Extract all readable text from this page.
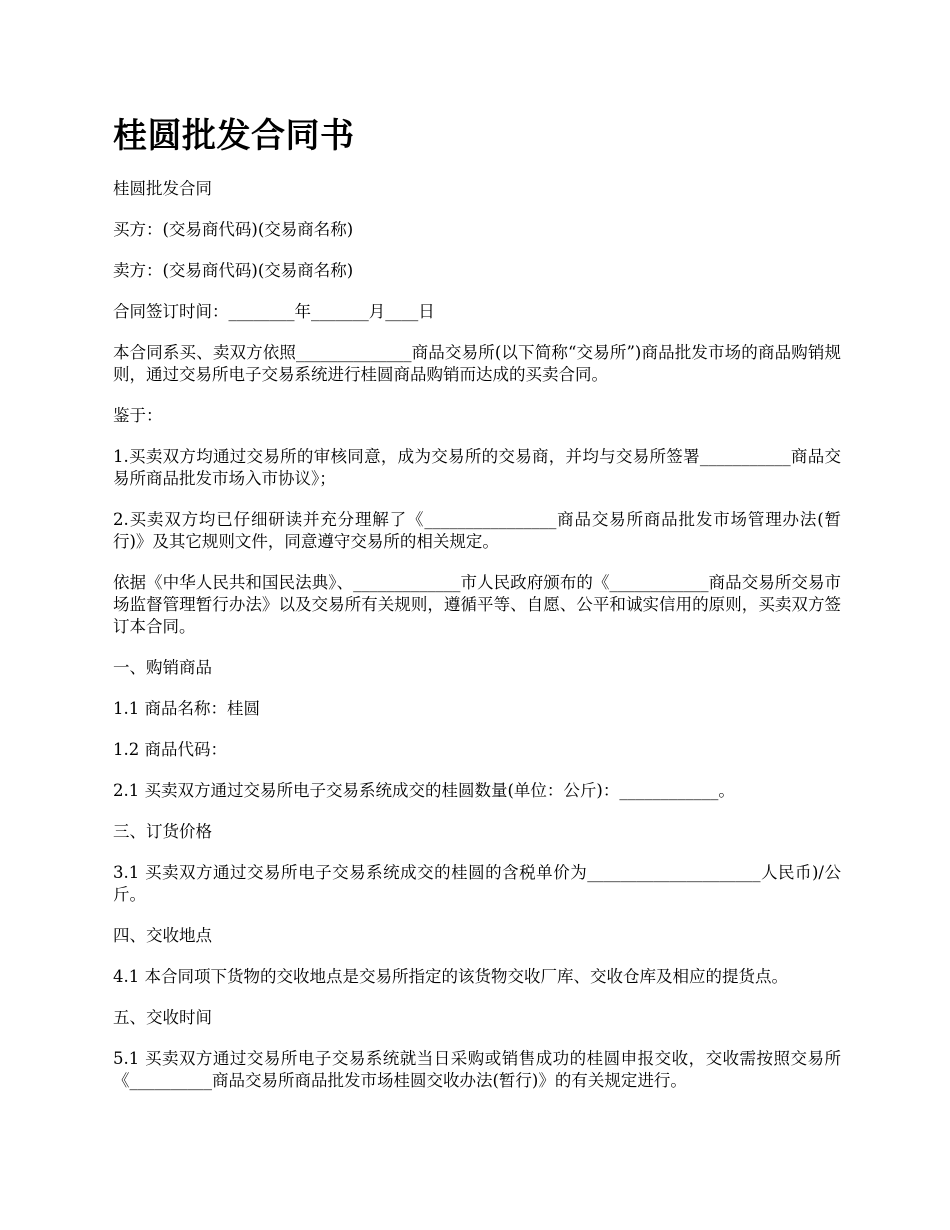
桂圆批发合同书

桂圆批发合同

买方：(交易商代码)(交易商名称)

卖方：(交易商代码)(交易商名称)

合同签订时间：________年_______月____日

本合同系买、卖双方依照______________商品交易所(以下简称“交易所”)商品批发市场的商品购销规则，通过交易所电子交易系统进行桂圆商品购销而达成的买卖合同。

鉴于：

1.买卖双方均通过交易所的审核同意，成为交易所的交易商，并均与交易所签署___________商品交易所商品批发市场入市协议》；

2.买卖双方均已仔细研读并充分理解了《________________商品交易所商品批发市场管理办法(暂行)》及其它规则文件，同意遵守交易所的相关规定。

依据《中华人民共和国民法典》、_____________市人民政府颁布的《____________商品交易所交易市场监督管理暂行办法》以及交易所有关规则，遵循平等、自愿、公平和诚实信用的原则，买卖双方签订本合同。

一、购销商品

1.1 商品名称：桂圆

1.2 商品代码：

2.1 买卖双方通过交易所电子交易系统成交的桂圆数量(单位：公斤)：____________。

三、订货价格

3.1 买卖双方通过交易所电子交易系统成交的桂圆的含税单价为_____________________人民币)/公斤。

四、交收地点

4.1 本合同项下货物的交收地点是交易所指定的该货物交收厂库、交收仓库及相应的提货点。

五、交收时间

5.1 买卖双方通过交易所电子交易系统就当日采购或销售成功的桂圆申报交收，交收需按照交易所《__________商品交易所商品批发市场桂圆交收办法(暂行)》的有关规定进行。
